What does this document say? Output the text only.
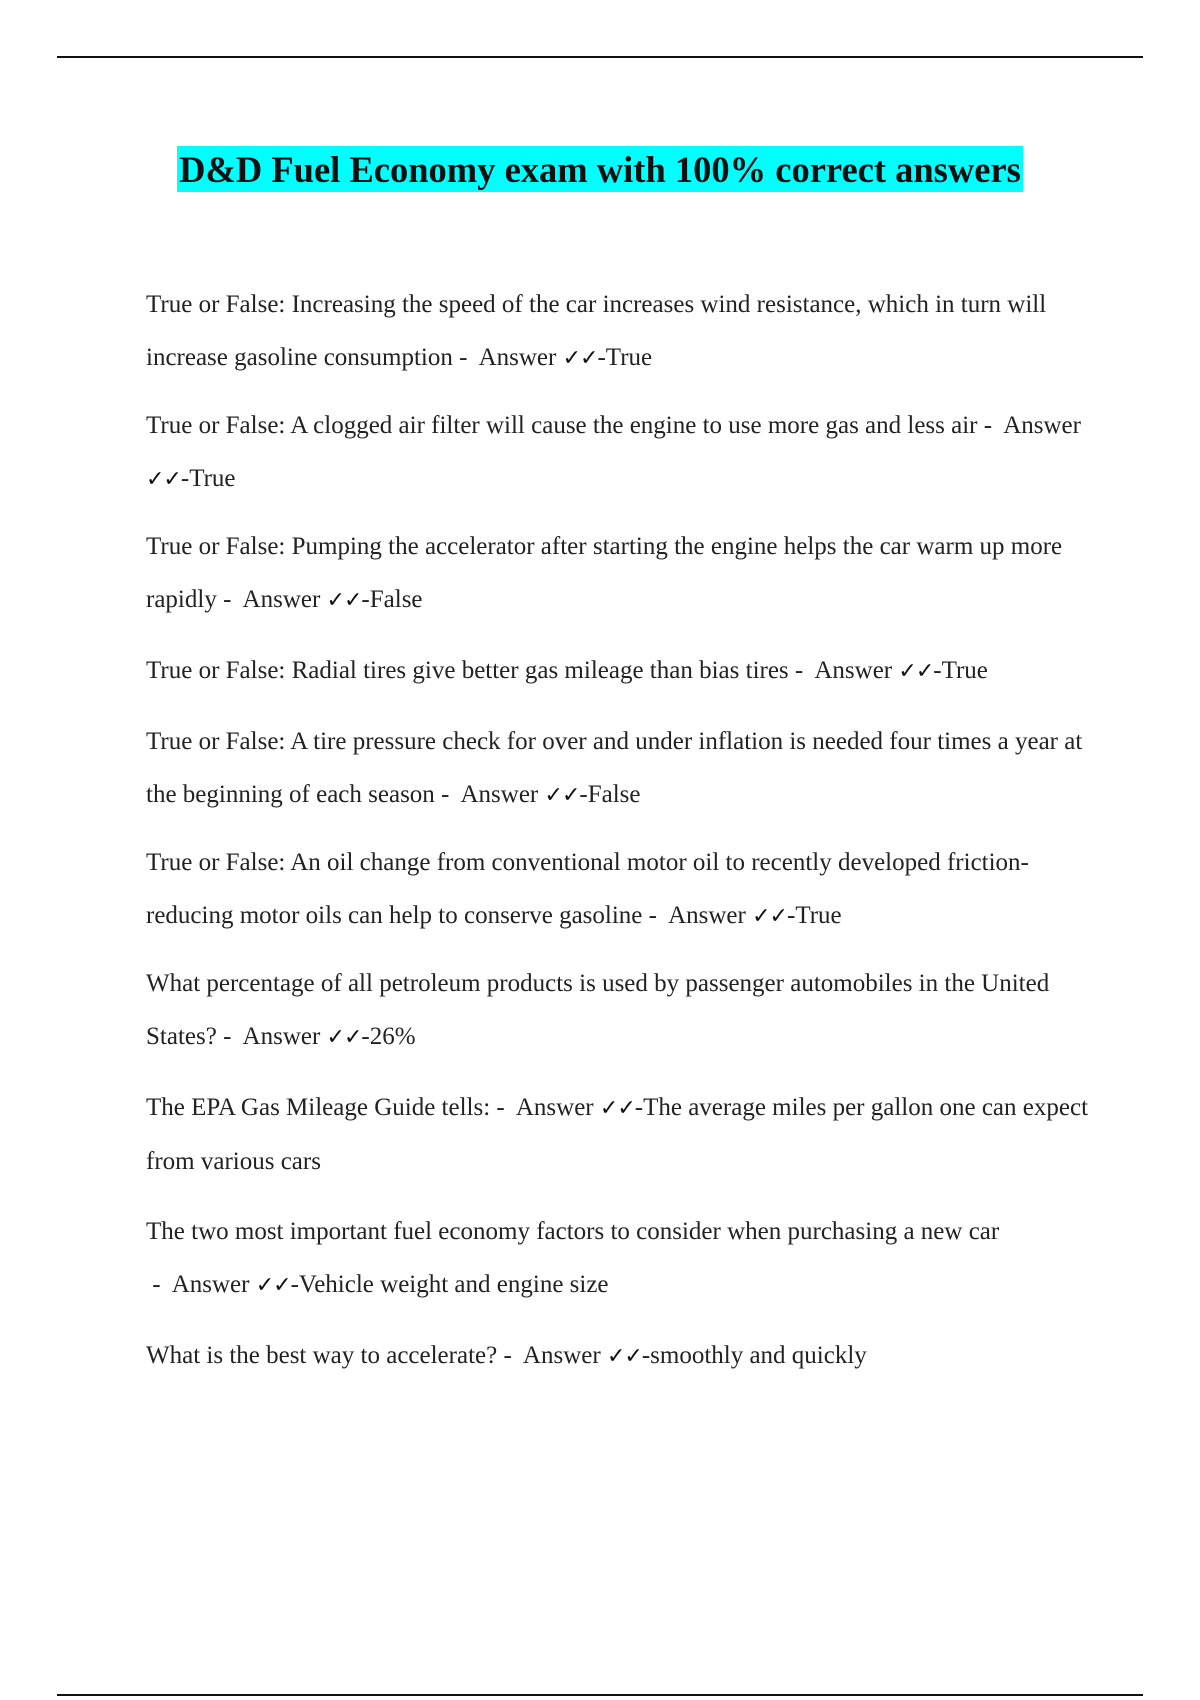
D&D Fuel Economy exam with 100% correct answers

True or False: Increasing the speed of the car increases wind resistance, which in turn will increase gasoline consumption -  Answer ✓✓-True

True or False: A clogged air filter will cause the engine to use more gas and less air -  Answer ✓✓-True

True or False: Pumping the accelerator after starting the engine helps the car warm up more rapidly -  Answer ✓✓-False

True or False: Radial tires give better gas mileage than bias tires -  Answer ✓✓-True

True or False: A tire pressure check for over and under inflation is needed four times a year at the beginning of each season -  Answer ✓✓-False

True or False: An oil change from conventional motor oil to recently developed friction-reducing motor oils can help to conserve gasoline -  Answer ✓✓-True

What percentage of all petroleum products is used by passenger automobiles in the United States? -  Answer ✓✓-26%

The EPA Gas Mileage Guide tells: -  Answer ✓✓-The average miles per gallon one can expect from various cars

The two most important fuel economy factors to consider when purchasing a new car -  Answer ✓✓-Vehicle weight and engine size

What is the best way to accelerate? -  Answer ✓✓-smoothly and quickly
